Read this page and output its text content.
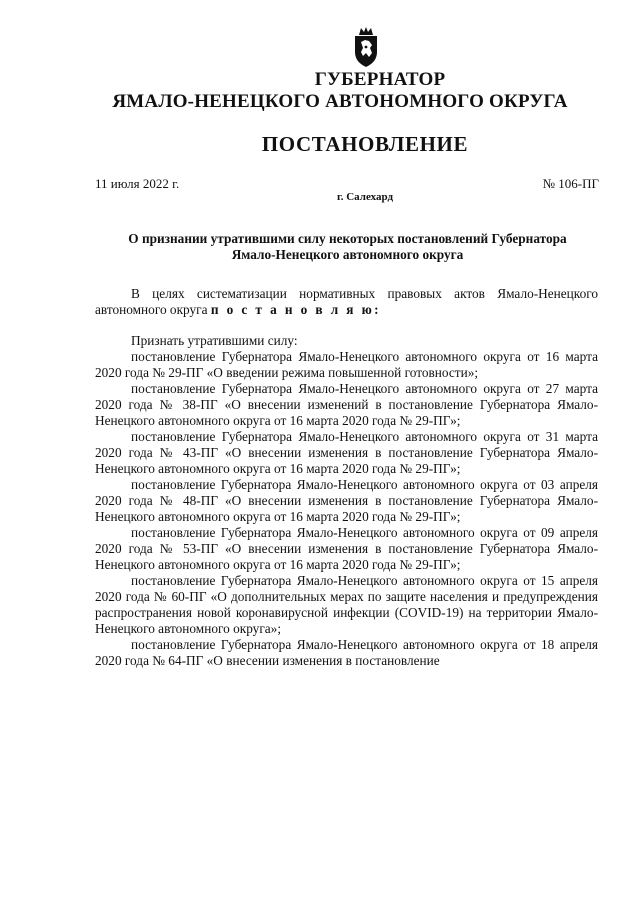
ГУБЕРНАТОР
ЯМАЛО-НЕНЕЦКОГО АВТОНОМНОГО ОКРУГА
ПОСТАНОВЛЕНИЕ
11 июля 2022 г.	№ 106-ПГ
г. Салехард
О признании утратившими силу некоторых постановлений Губернатора
Ямало-Ненецкого автономного округа

В целях систематизации нормативных правовых актов Ямало-Ненецкого автономного округа п о с т а н о в л я ю:

Признать утратившими силу:

постановление Губернатора Ямало-Ненецкого автономного округа от 16 марта 2020 года № 29-ПГ «О введении режима повышенной готовности»;

постановление Губернатора Ямало-Ненецкого автономного округа от 27 марта 2020 года № 38-ПГ «О внесении изменений в постановление Губернатора Ямало-Ненецкого автономного округа от 16 марта 2020 года № 29-ПГ»;

постановление Губернатора Ямало-Ненецкого автономного округа от 31 марта 2020 года № 43-ПГ «О внесении изменения в постановление Губернатора Ямало-Ненецкого автономного округа от 16 марта 2020 года № 29-ПГ»;

постановление Губернатора Ямало-Ненецкого автономного округа от 03 апреля 2020 года № 48-ПГ «О внесении изменения в постановление Губернатора Ямало-Ненецкого автономного округа от 16 марта 2020 года № 29-ПГ»;

постановление Губернатора Ямало-Ненецкого автономного округа от 09 апреля 2020 года № 53-ПГ «О внесении изменения в постановление Губернатора Ямало-Ненецкого автономного округа от 16 марта 2020 года № 29-ПГ»;

постановление Губернатора Ямало-Ненецкого автономного округа от 15 апреля 2020 года № 60-ПГ «О дополнительных мерах по защите населения и предупреждения распространения новой коронавирусной инфекции (COVID-19) на территории Ямало-Ненецкого автономного округа»;

постановление Губернатора Ямало-Ненецкого автономного округа от 18 апреля 2020 года № 64-ПГ «О внесении изменения в постановление
